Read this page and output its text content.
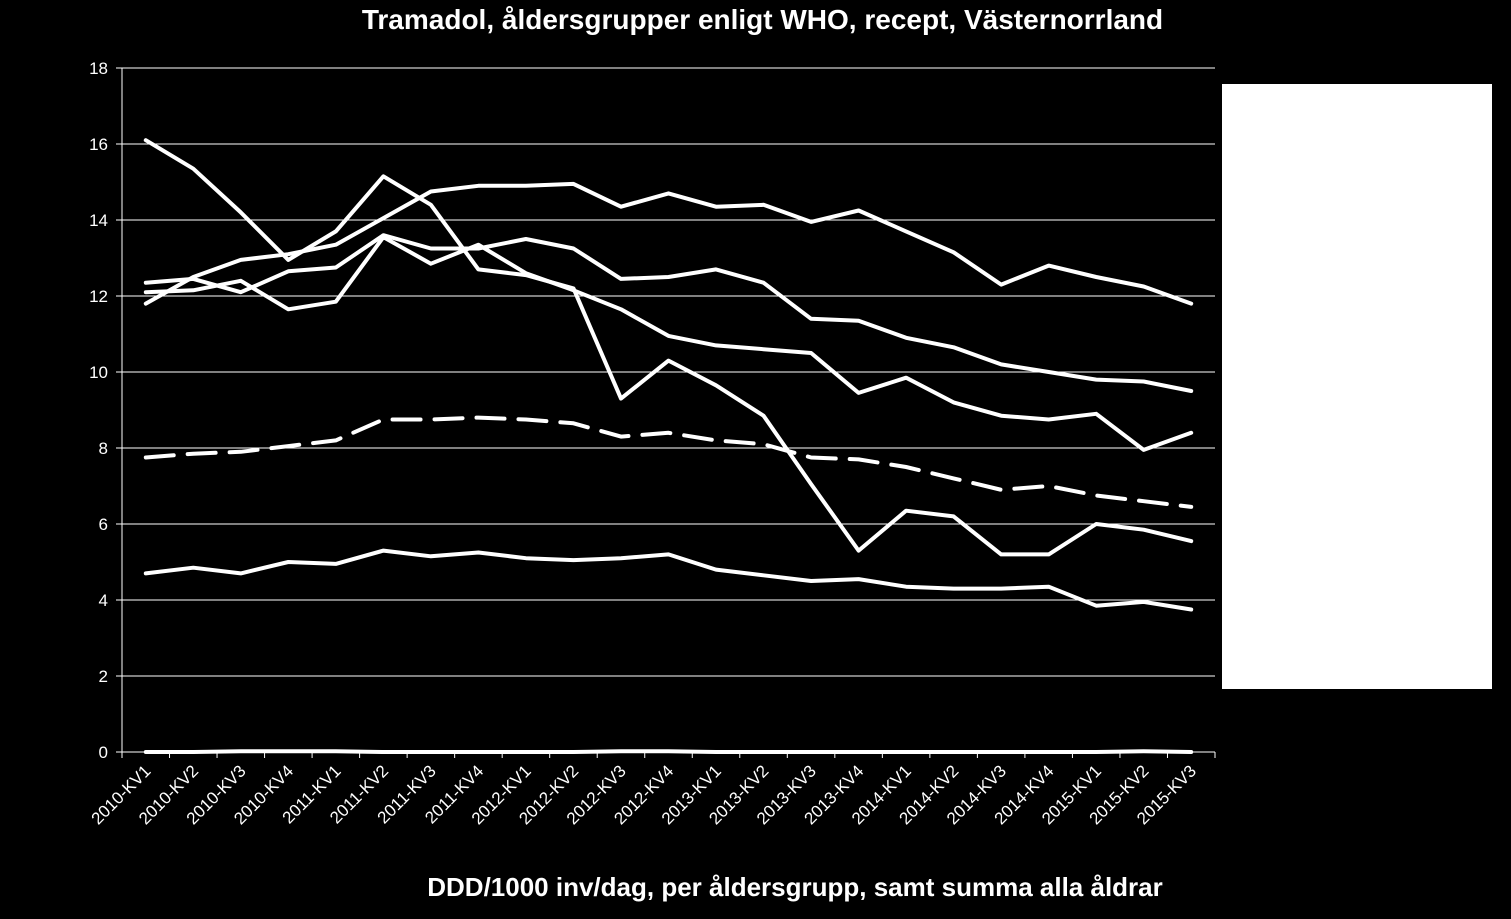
Tramadol, åldersgrupper enligt WHO, recept, Västernorrland
0
2
4
6
8
10
12
14
16
18
2010-KV1
2010-KV2
2010-KV3
2010-KV4
2011-KV1
2011-KV2
2011-KV3
2011-KV4
2012-KV1
2012-KV2
2012-KV3
2012-KV4
2013-KV1
2013-KV2
2013-KV3
2013-KV4
2014-KV1
2014-KV2
2014-KV3
2014-KV4
2015-KV1
2015-KV2
2015-KV3
DDD/1000 inv/dag, per åldersgrupp, samt summa alla åldrar
